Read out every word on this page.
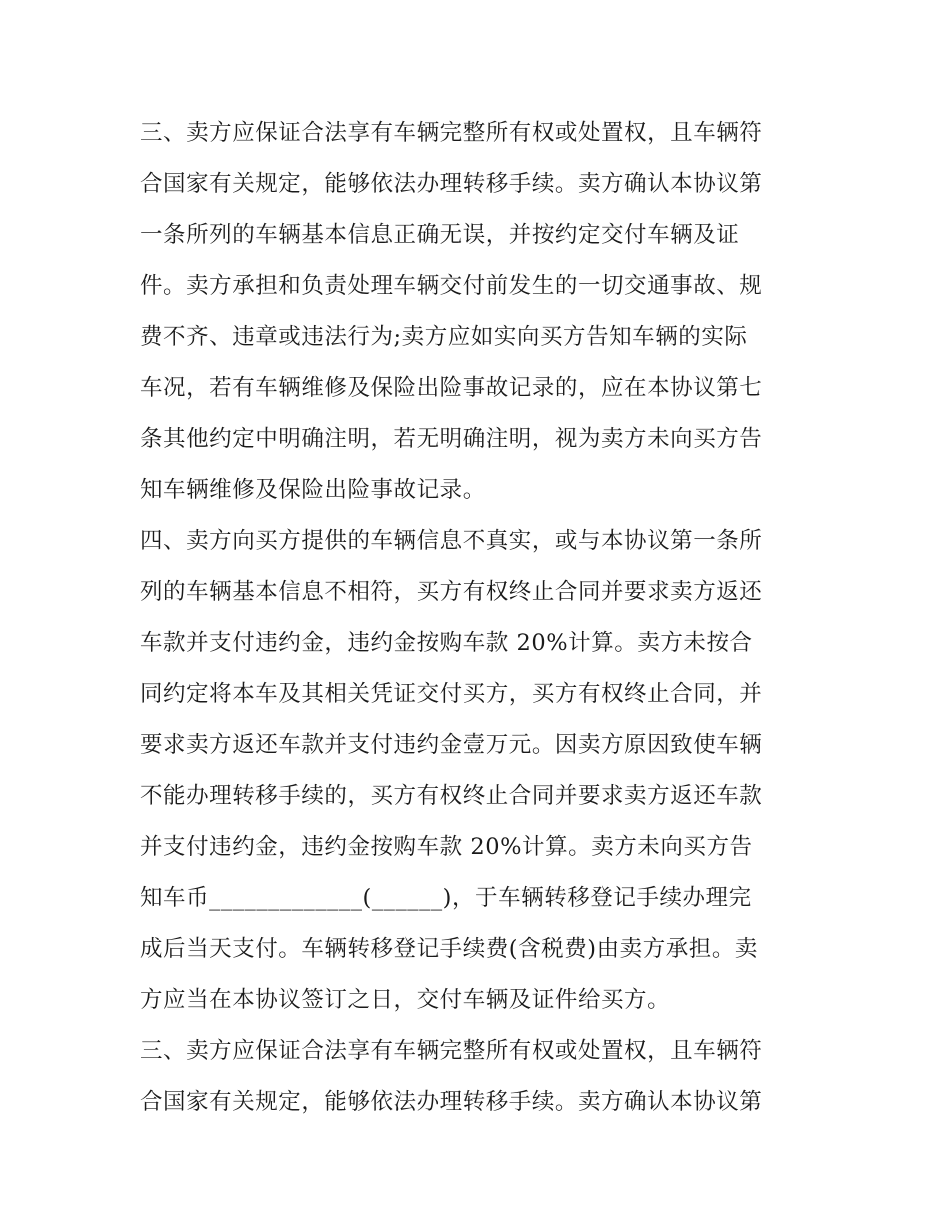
三、卖方应保证合法享有车辆完整所有权或处置权，且车辆符
合国家有关规定，能够依法办理转移手续。卖方确认本协议第
一条所列的车辆基本信息正确无误，并按约定交付车辆及证
件。卖方承担和负责处理车辆交付前发生的一切交通事故、规
费不齐、违章或违法行为;卖方应如实向买方告知车辆的实际
车况，若有车辆维修及保险出险事故记录的，应在本协议第七
条其他约定中明确注明，若无明确注明，视为卖方未向买方告
知车辆维修及保险出险事故记录。
四、卖方向买方提供的车辆信息不真实，或与本协议第一条所
列的车辆基本信息不相符，买方有权终止合同并要求卖方返还
车款并支付违约金，违约金按购车款 20%计算。卖方未按合
同约定将本车及其相关凭证交付买方，买方有权终止合同，并
要求卖方返还车款并支付违约金壹万元。因卖方原因致使车辆
不能办理转移手续的，买方有权终止合同并要求卖方返还车款
并支付违约金，违约金按购车款 20%计算。卖方未向买方告
知车币_____________(______)，于车辆转移登记手续办理完
成后当天支付。车辆转移登记手续费(含税费)由卖方承担。卖
方应当在本协议签订之日，交付车辆及证件给买方。
三、卖方应保证合法享有车辆完整所有权或处置权，且车辆符
合国家有关规定，能够依法办理转移手续。卖方确认本协议第
